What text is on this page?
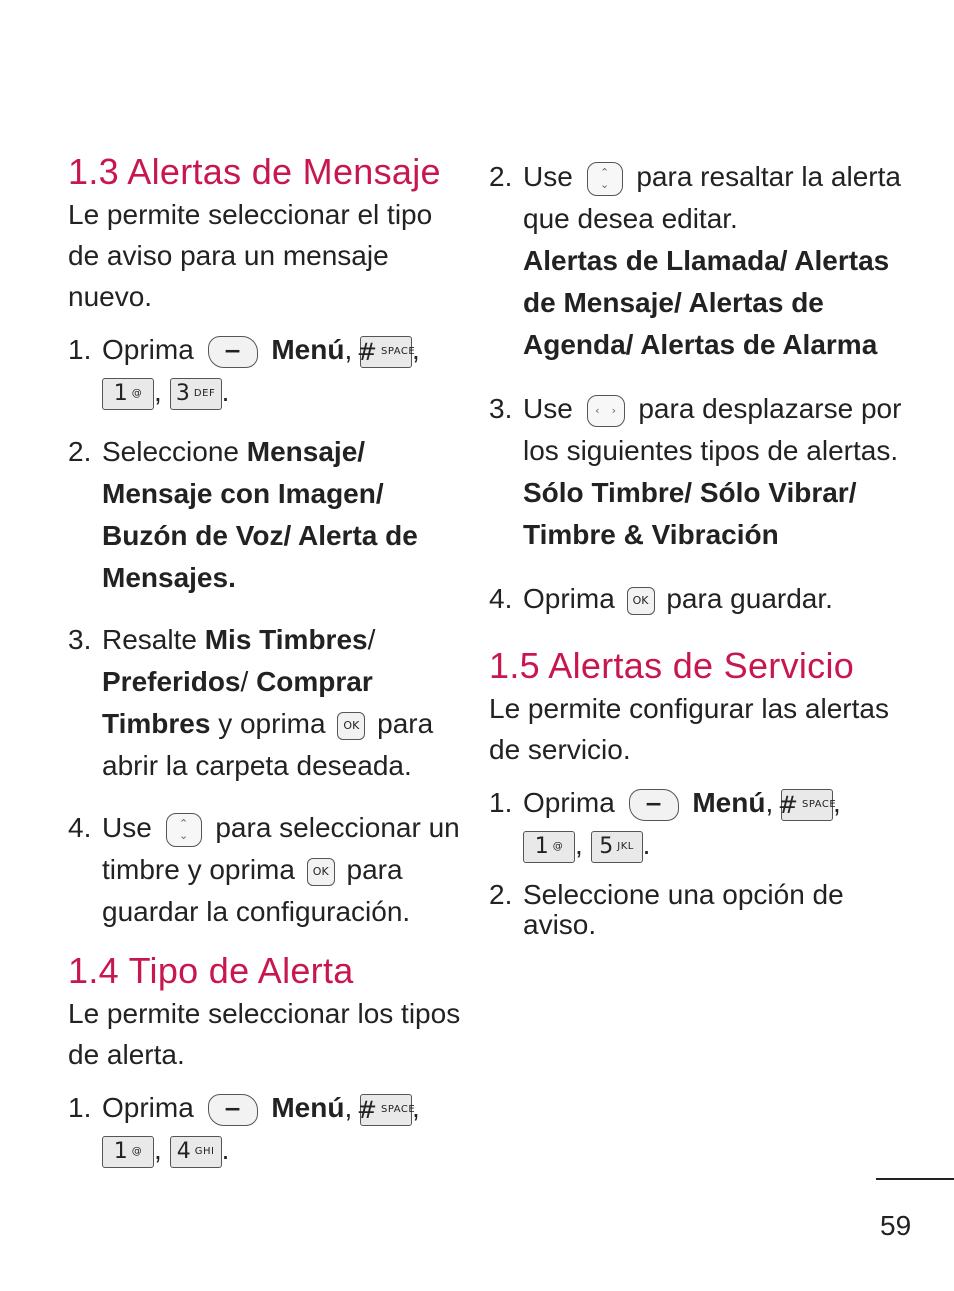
1.3 Alertas de Mensaje

Le permite seleccionar el tipo de aviso para un mensaje nuevo.

1. Oprima − Menú, # SPACE
,

1 @ , 3 DEF .
2. Seleccione Mensaje/ Mensaje con Imagen/ Buzón de Voz/ Alerta de Mensajes.
3. Resalte Mis Timbres/ Preferidos/ Comprar Timbres y oprima OK para abrir la carpeta deseada.
4. Use ⌃
⌄ para seleccionar un timbre y oprima OK para guardar la configuración.
1.4 Tipo de Alerta

Le permite seleccionar los tipos de alerta.

1. Oprima − Menú, # SPACE
,

1 @ , 4 GHI .
2. Use ⌃
⌄ para resaltar la alerta que desea editar.
Alertas de Llamada/ Alertas de Mensaje/ Alertas de Agenda/ Alertas de Alarma
3. Use ‹ › para desplazarse por los siguientes tipos de alertas.
Sólo Timbre/ Sólo Vibrar/ Timbre & Vibración
4. Oprima OK para guardar.
1.5 Alertas de Servicio

Le permite configurar las alertas de servicio.

1. Oprima − Menú, # SPACE
,

1 @ , 5 JKL .
2. Seleccione una opción de aviso.
59
